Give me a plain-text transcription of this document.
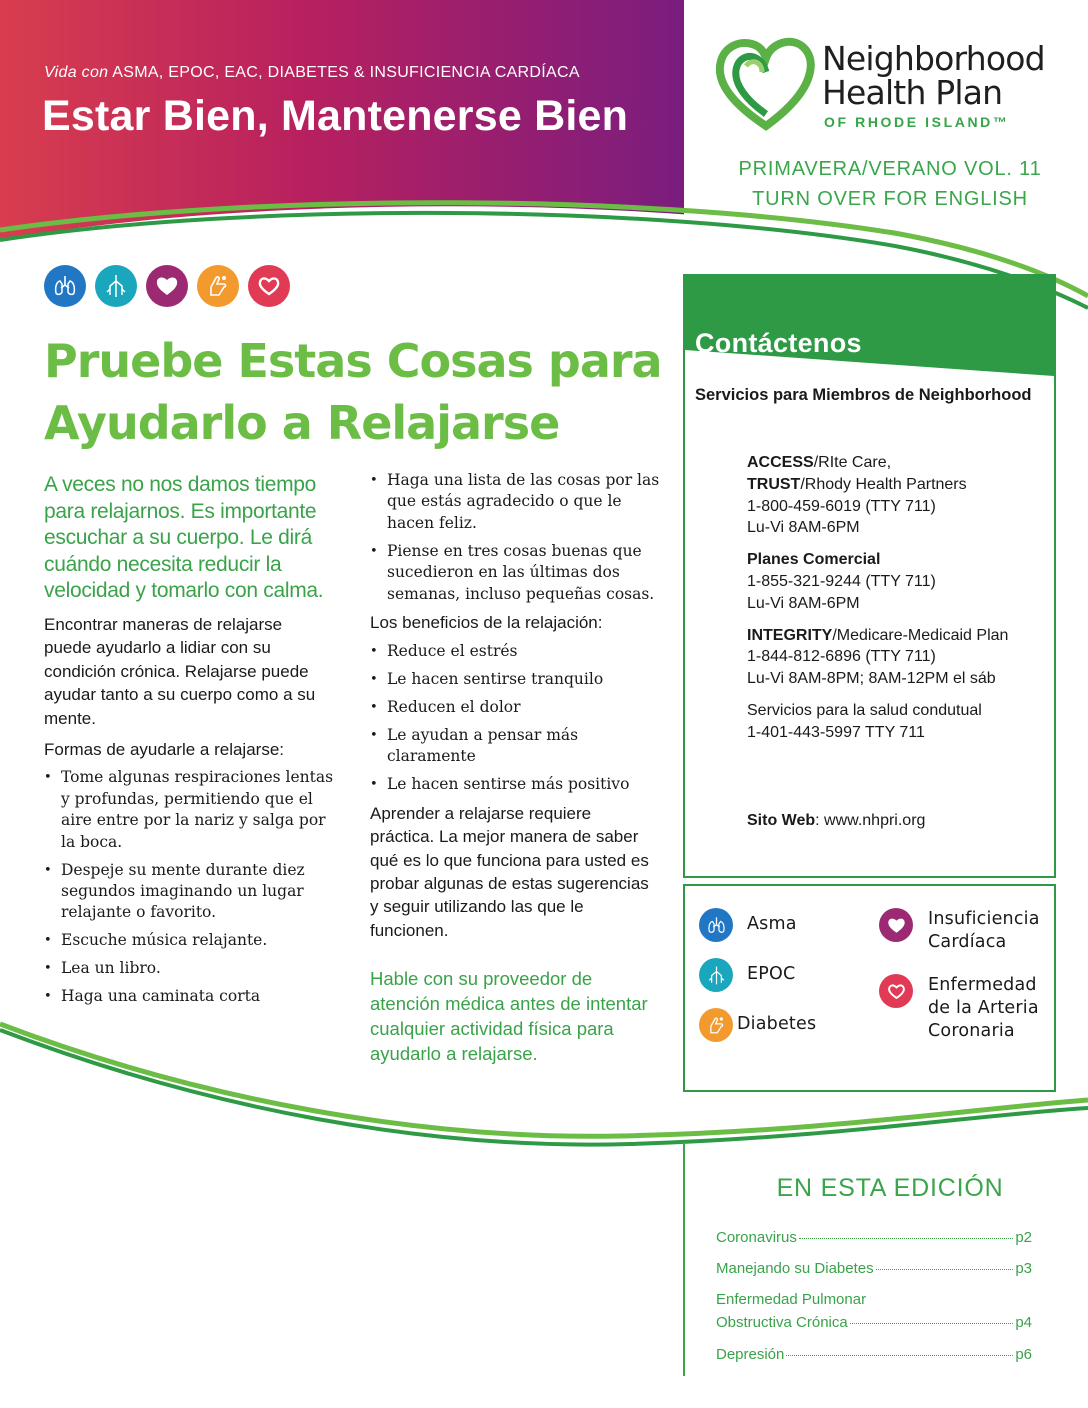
Vida con ASMA, EPOC, EAC, DIABETES & INSUFICIENCIA CARDÍACA
Estar Bien, Mantenerse Bien
Neighborhood
Health Plan
OF RHODE ISLAND™
PRIMAVERA/VERANO VOL. 11
TURN OVER FOR ENGLISH
Pruebe Estas Cosas para
Ayudarlo a Relajarse

A veces no nos damos tiempo para relajarnos. Es importante escuchar a su cuerpo. Le dirá cuándo necesita reducir la velocidad y tomarlo con calma.

Encontrar maneras de relajarse puede ayudarlo a lidiar con su condición crónica. Relajarse puede ayudar tanto a su cuerpo como a su mente.

Formas de ayudarle a relajarse:

• Tome algunas respiraciones lentas y profundas, permitiendo que el aire entre por la nariz y salga por la boca.
• Despeje su mente durante diez segundos imaginando un lugar relajante o favorito.
• Escuche música relajante.
• Lea un libro.
• Haga una caminata corta
• Haga una lista de las cosas por las que estás agradecido o que le hacen feliz.
• Piense en tres cosas buenas que sucedieron en las últimas dos semanas, incluso pequeñas cosas.

Los beneficios de la relajación:

• Reduce el estrés
• Le hacen sentirse tranquilo
• Reducen el dolor
• Le ayudan a pensar más claramente
• Le hacen sentirse más positivo

Aprender a relajarse requiere práctica. La mejor manera de saber qué es lo que funciona para usted es probar algunas de estas sugerencias y seguir utilizando las que le funcionen.

Hable con su proveedor de atención médica antes de intentar cualquier actividad física para ayudarlo a relajarse.

Contáctenos
Servicios para Miembros de Neighborhood
ACCESS/RIte Care,
TRUST/Rhody Health Partners
1-800-459-6019 (TTY 711)
Lu-Vi 8AM-6PM
Planes Comercial
1-855-321-9244 (TTY 711)
Lu-Vi 8AM-6PM
INTEGRITY/Medicare-Medicaid Plan
1-844-812-6896 (TTY 711)
Lu-Vi 8AM-8PM; 8AM-12PM el sáb
Servicios para la salud condutual
1-401-443-5997 TTY 711
Sito Web: www.nhpri.org
Asma
EPOC
Diabetes
Insuficiencia
Cardíaca
Enfermedad
de la Arteria
Coronaria
EN ESTA EDICIÓN
Coronavirus	p2
Manejando su Diabetes	p3
Enfermedad Pulmonar
Obstructiva Crónica	p4
Depresión	p6
